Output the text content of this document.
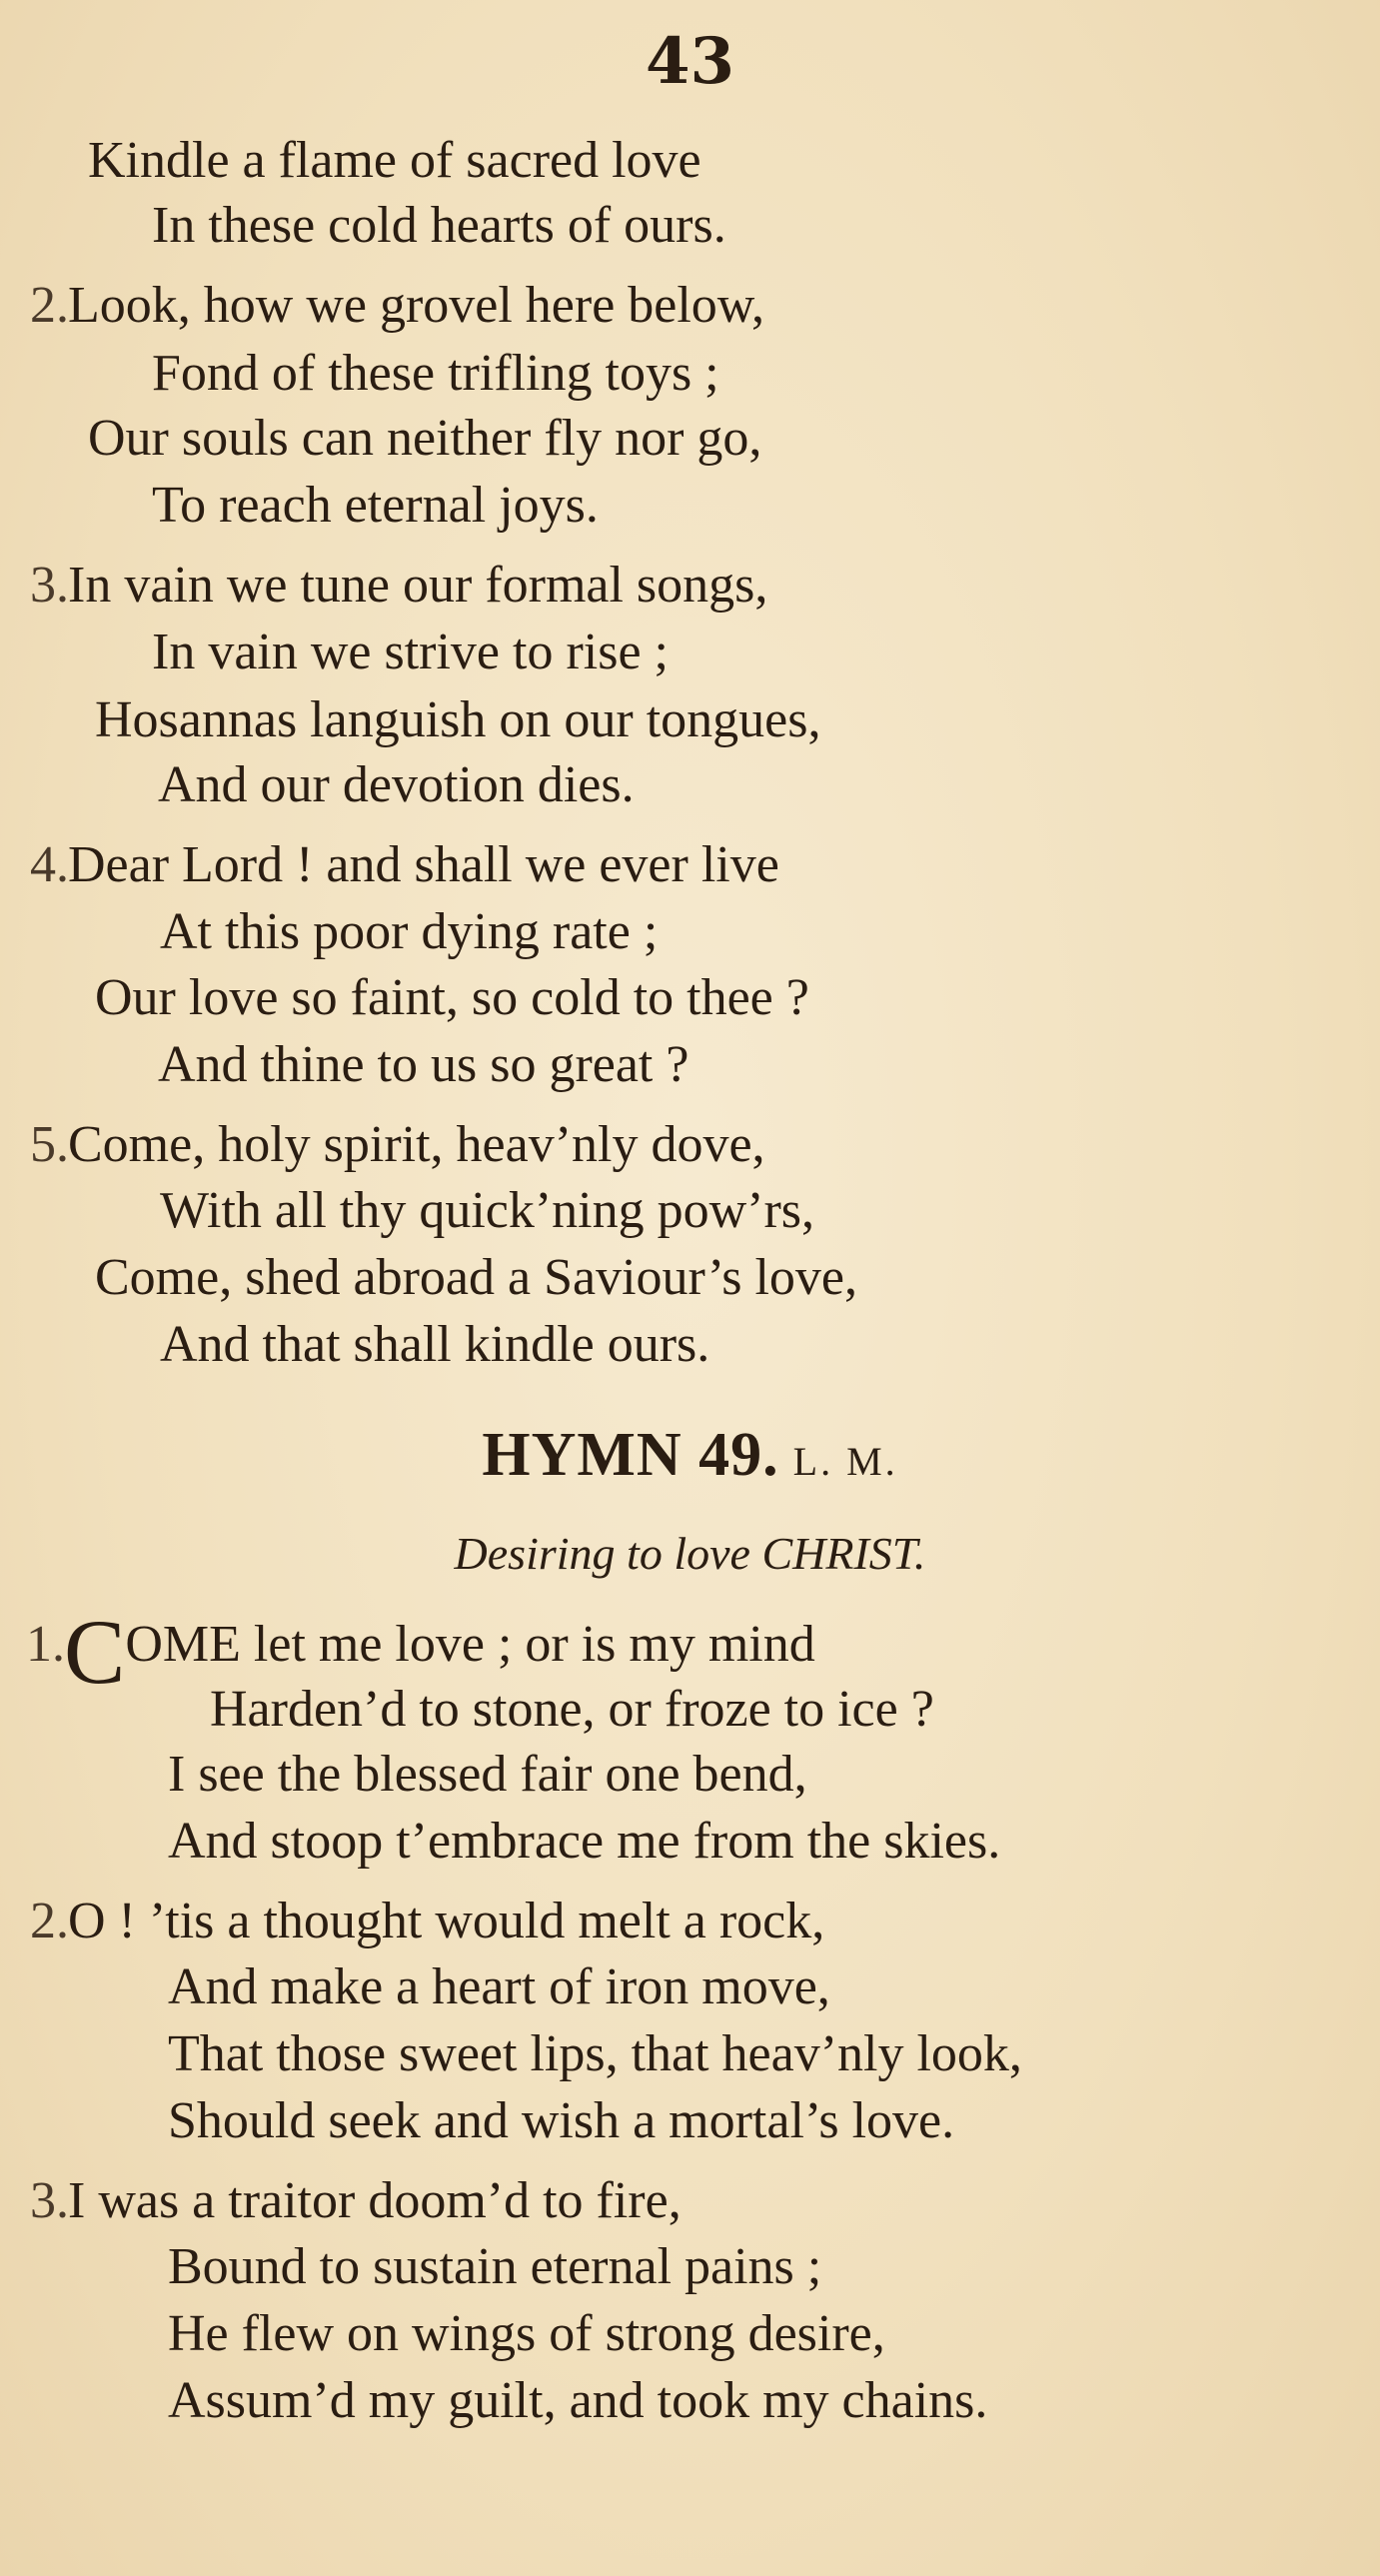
43
Kindle a flame of sacred love
In these cold hearts of ours.
2.Look, how we grovel here below,
Fond of these trifling toys ;
Our souls can neither fly nor go,
To reach eternal joys.
3.In vain we tune our formal songs,
In vain we strive to rise ;
Hosannas languish on our tongues,
And our devotion dies.
4.Dear Lord ! and shall we ever live
At this poor dying rate ;
Our love so faint, so cold to thee ?
And thine to us so great ?
5.Come, holy spirit, heav’nly dove,
With all thy quick’ning pow’rs,
Come, shed abroad a Saviour’s love,
And that shall kindle ours.
HYMN 49. L. M.
Desiring to love CHRIST.
1.COME let me love ; or is my mind
Harden’d to stone, or froze to ice ?
I see the blessed fair one bend,
And stoop t’embrace me from the skies.
2.O ! ’tis a thought would melt a rock,
And make a heart of iron move,
That those sweet lips, that heav’nly look,
Should seek and wish a mortal’s love.
3.I was a traitor doom’d to fire,
Bound to sustain eternal pains ;
He flew on wings of strong desire,
Assum’d my guilt, and took my chains.
